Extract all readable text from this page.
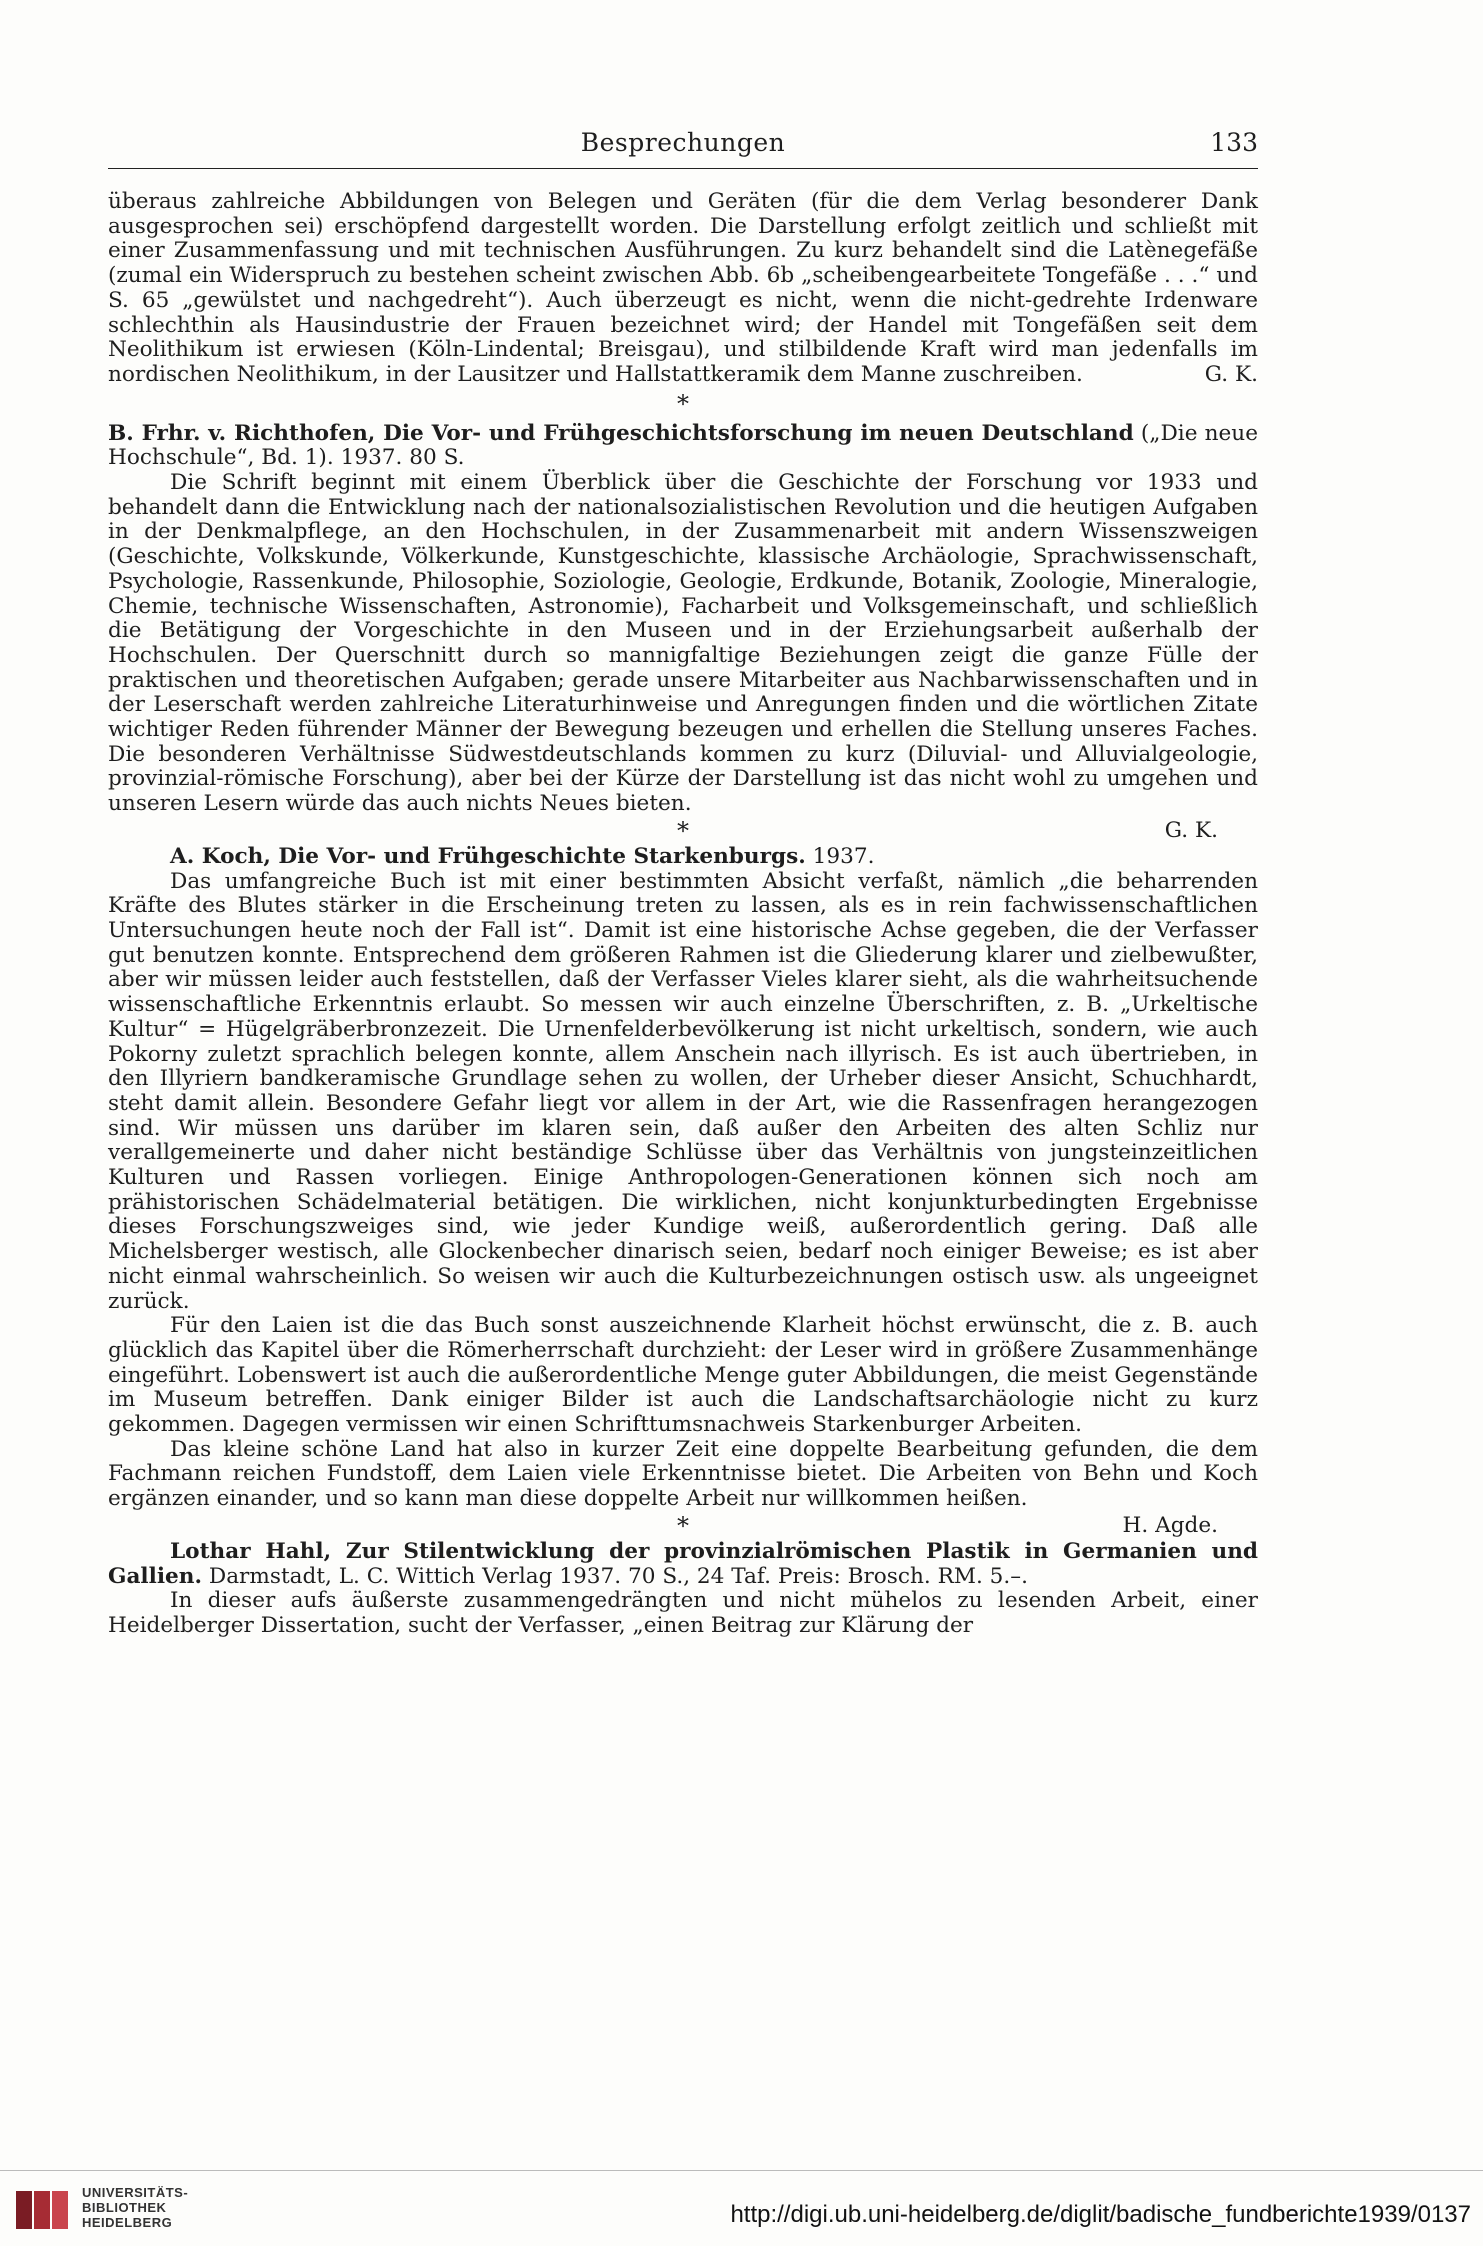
Besprechungen	133

überaus zahlreiche Abbildungen von Belegen und Geräten (für die dem Verlag besonderer Dank ausgesprochen sei) erschöpfend dargestellt worden. Die Darstellung erfolgt zeitlich und schließt mit einer Zusammenfassung und mit technischen Ausführungen. Zu kurz behandelt sind die Latènegefäße (zumal ein Widerspruch zu bestehen scheint zwischen Abb. 6b „scheibengearbeitete Tongefäße . . .“ und S. 65 „gewülstet und nachgedreht“). Auch überzeugt es nicht, wenn die nicht-gedrehte Irdenware schlechthin als Hausindustrie der Frauen bezeichnet wird; der Handel mit Tongefäßen seit dem Neolithikum ist erwiesen (Köln-Lindental; Breisgau), und stilbildende Kraft wird man jedenfalls im nordischen Neolithikum, in der Lausitzer und Hallstattkeramik dem Manne zuschreiben.	G. K.

*

B. Frhr. v. Richthofen, Die Vor- und Frühgeschichtsforschung im neuen Deutschland („Die neue Hochschule“, Bd. 1). 1937. 80 S.

Die Schrift beginnt mit einem Überblick über die Geschichte der Forschung vor 1933 und behandelt dann die Entwicklung nach der nationalsozialistischen Revolution und die heutigen Aufgaben in der Denkmalpflege, an den Hochschulen, in der Zusammenarbeit mit andern Wissenszweigen (Geschichte, Volkskunde, Völkerkunde, Kunstgeschichte, klassische Archäologie, Sprachwissenschaft, Psychologie, Rassenkunde, Philosophie, Soziologie, Geologie, Erdkunde, Botanik, Zoologie, Mineralogie, Chemie, technische Wissenschaften, Astronomie), Facharbeit und Volksgemeinschaft, und schließlich die Betätigung der Vorgeschichte in den Museen und in der Erziehungsarbeit außerhalb der Hochschulen. Der Querschnitt durch so mannigfaltige Beziehungen zeigt die ganze Fülle der praktischen und theoretischen Aufgaben; gerade unsere Mitarbeiter aus Nachbarwissenschaften und in der Leserschaft werden zahlreiche Literaturhinweise und Anregungen finden und die wörtlichen Zitate wichtiger Reden führender Männer der Bewegung bezeugen und erhellen die Stellung unseres Faches. Die besonderen Verhältnisse Südwestdeutschlands kommen zu kurz (Diluvial- und Alluvialgeologie, provinzial-römische Forschung), aber bei der Kürze der Darstellung ist das nicht wohl zu umgehen und unseren Lesern würde das auch nichts Neues bieten.

*	G. K.

A. Koch, Die Vor- und Frühgeschichte Starkenburgs. 1937.

Das umfangreiche Buch ist mit einer bestimmten Absicht verfaßt, nämlich „die beharrenden Kräfte des Blutes stärker in die Erscheinung treten zu lassen, als es in rein fachwissenschaftlichen Untersuchungen heute noch der Fall ist“. Damit ist eine historische Achse gegeben, die der Verfasser gut benutzen konnte. Entsprechend dem größeren Rahmen ist die Gliederung klarer und zielbewußter, aber wir müssen leider auch feststellen, daß der Verfasser Vieles klarer sieht, als die wahrheitsuchende wissenschaftliche Erkenntnis erlaubt. So messen wir auch einzelne Überschriften, z. B. „Urkeltische Kultur“ = Hügelgräberbronzezeit. Die Urnenfelderbevölkerung ist nicht urkeltisch, sondern, wie auch Pokorny zuletzt sprachlich belegen konnte, allem Anschein nach illyrisch. Es ist auch übertrieben, in den Illyriern bandkeramische Grundlage sehen zu wollen, der Urheber dieser Ansicht, Schuchhardt, steht damit allein. Besondere Gefahr liegt vor allem in der Art, wie die Rassenfragen herangezogen sind. Wir müssen uns darüber im klaren sein, daß außer den Arbeiten des alten Schliz nur verallgemeinerte und daher nicht beständige Schlüsse über das Verhältnis von jungsteinzeitlichen Kulturen und Rassen vorliegen. Einige Anthropologen-Generationen können sich noch am prähistorischen Schädelmaterial betätigen. Die wirklichen, nicht konjunkturbedingten Ergebnisse dieses Forschungszweiges sind, wie jeder Kundige weiß, außerordentlich gering. Daß alle Michelsberger westisch, alle Glockenbecher dinarisch seien, bedarf noch einiger Beweise; es ist aber nicht einmal wahrscheinlich. So weisen wir auch die Kulturbezeichnungen ostisch usw. als ungeeignet zurück.

Für den Laien ist die das Buch sonst auszeichnende Klarheit höchst erwünscht, die z. B. auch glücklich das Kapitel über die Römerherrschaft durchzieht: der Leser wird in größere Zusammenhänge eingeführt. Lobenswert ist auch die außerordentliche Menge guter Abbildungen, die meist Gegenstände im Museum betreffen. Dank einiger Bilder ist auch die Landschaftsarchäologie nicht zu kurz gekommen. Dagegen vermissen wir einen Schrifttumsnachweis Starkenburger Arbeiten.

Das kleine schöne Land hat also in kurzer Zeit eine doppelte Bearbeitung gefunden, die dem Fachmann reichen Fundstoff, dem Laien viele Erkenntnisse bietet. Die Arbeiten von Behn und Koch ergänzen einander, und so kann man diese doppelte Arbeit nur willkommen heißen.

*	H. Agde.

Lothar Hahl, Zur Stilentwicklung der provinzialrömischen Plastik in Germanien und Gallien. Darmstadt, L. C. Wittich Verlag 1937. 70 S., 24 Taf. Preis: Brosch. RM. 5.–.

In dieser aufs äußerste zusammengedrängten und nicht mühelos zu lesenden Arbeit, einer Heidelberger Dissertation, sucht der Verfasser, „einen Beitrag zur Klärung der

UNIVERSITÄTS-
BIBLIOTHEK
HEIDELBERG	http://digi.ub.uni-heidelberg.de/diglit/badische_fundberichte1939/0137
